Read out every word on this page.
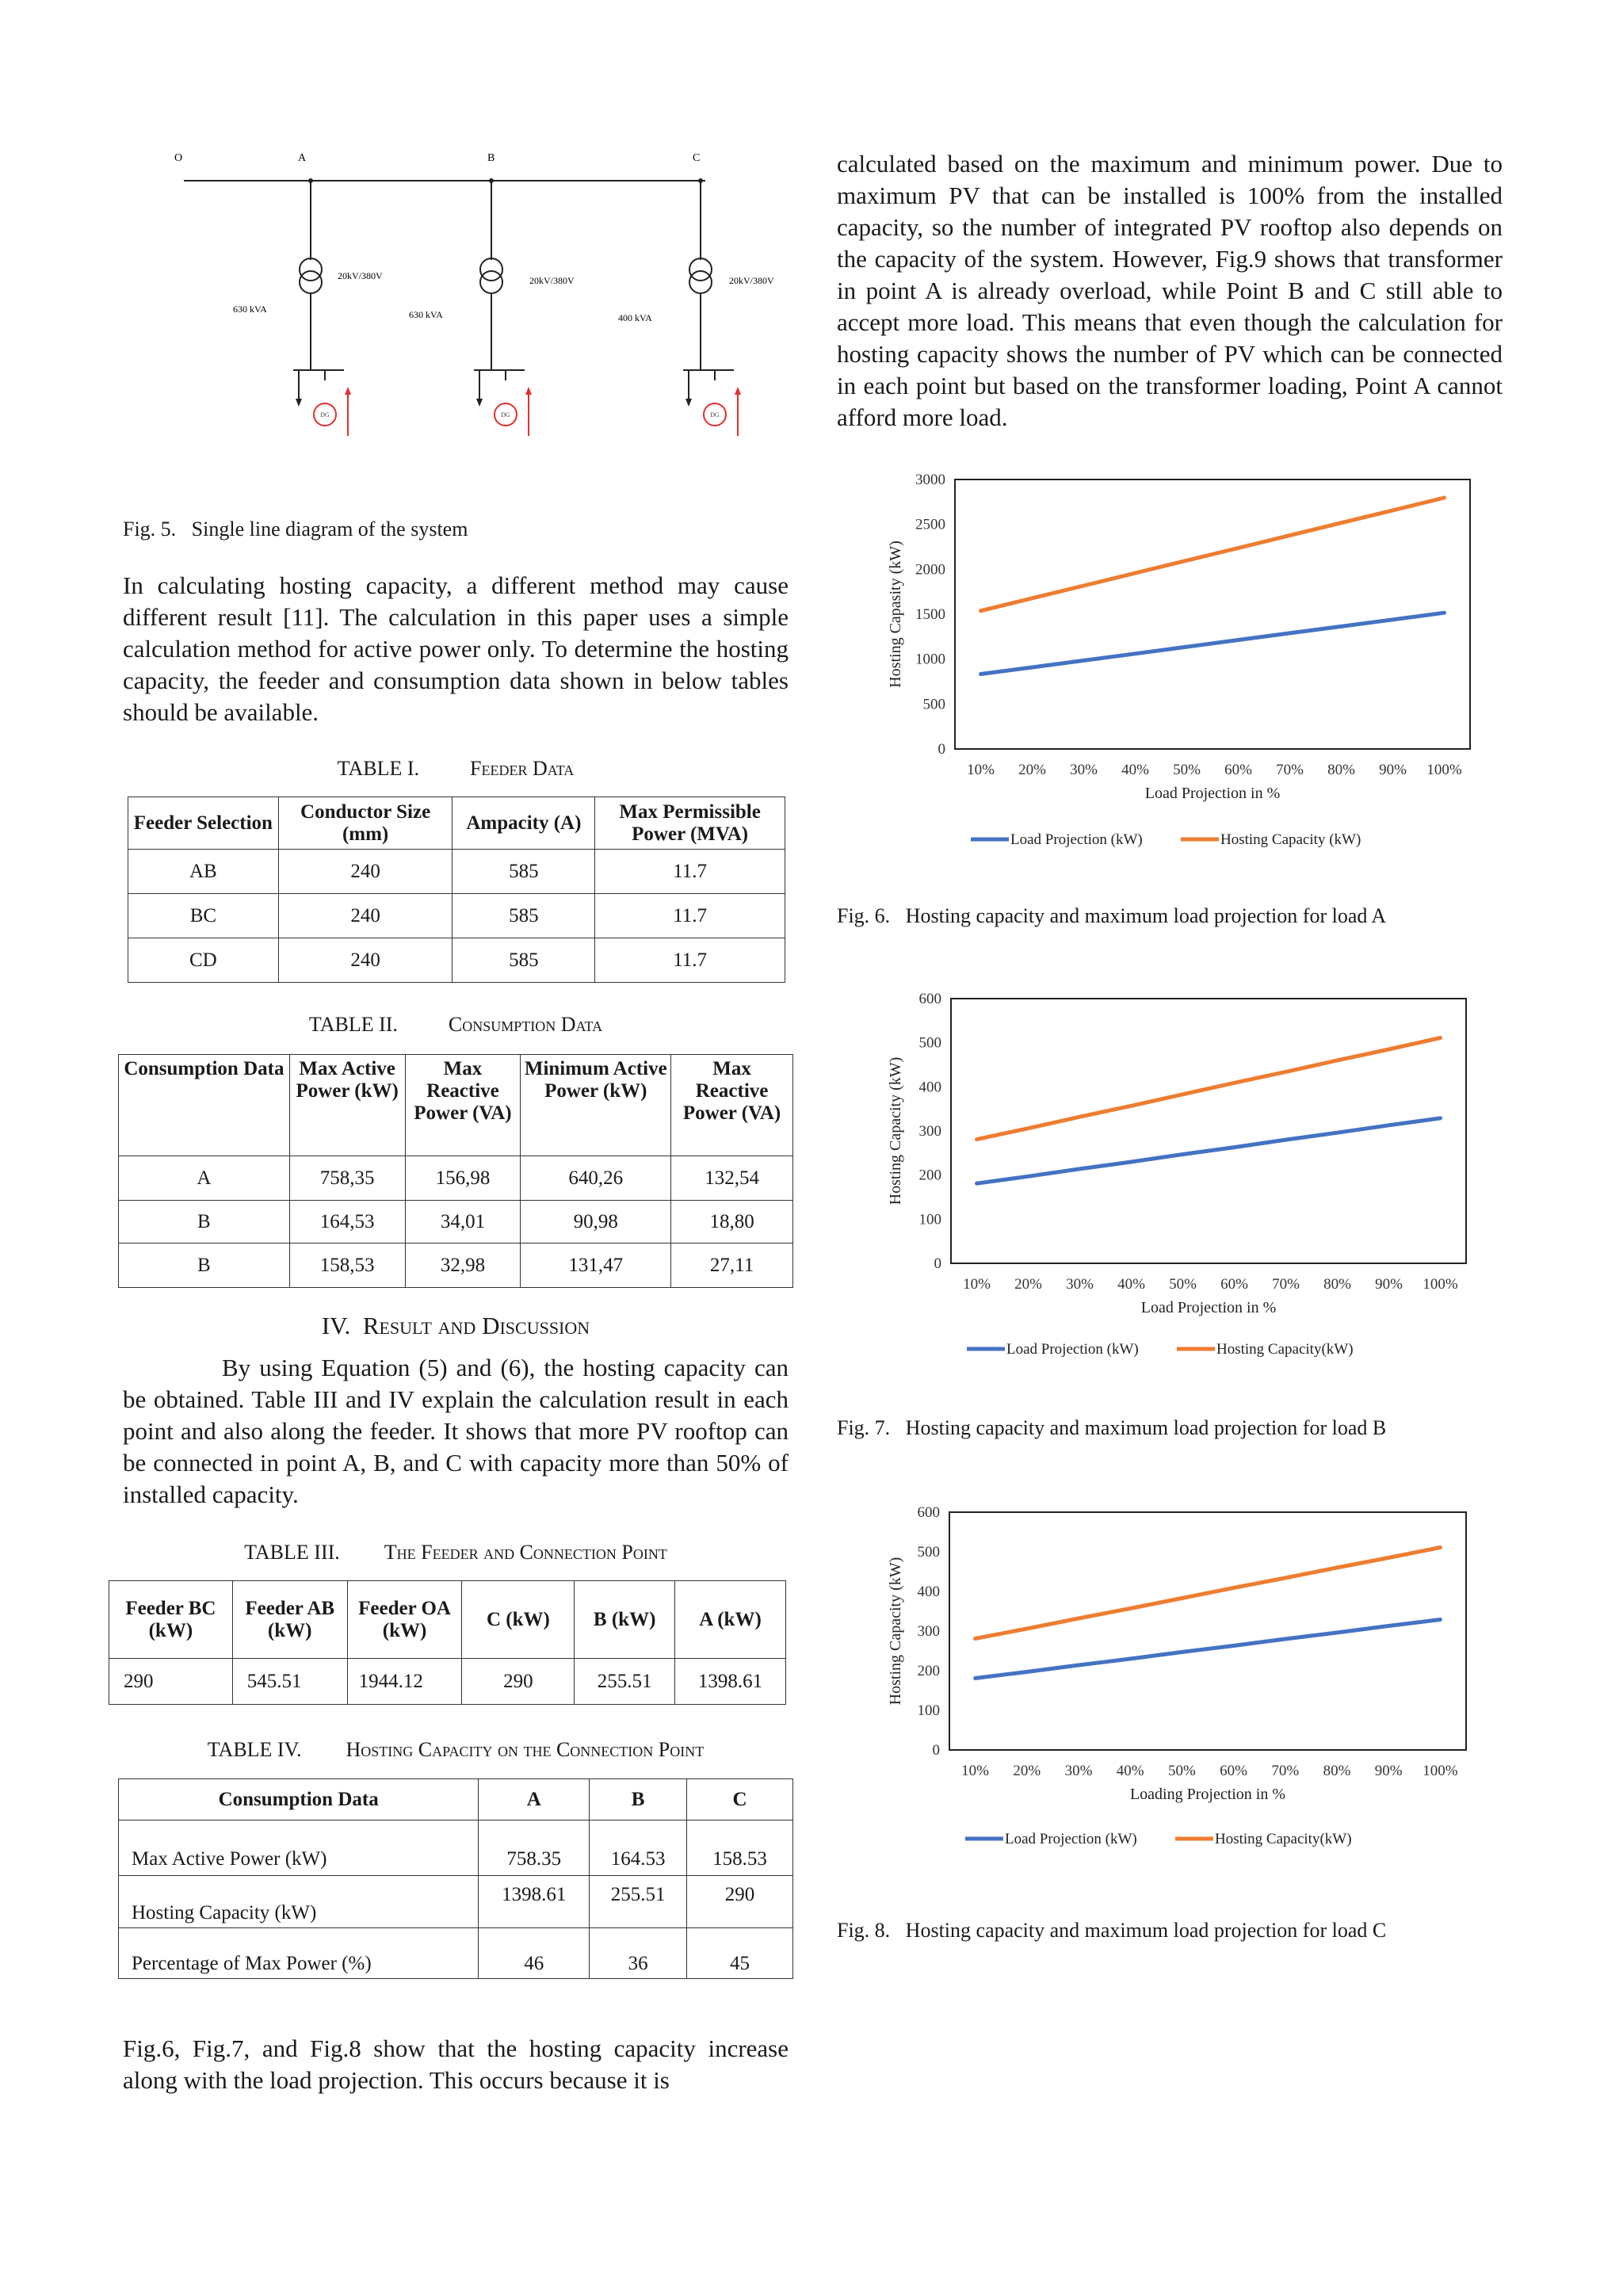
O	A	B	C
DG
20kV/380V
630 kVA
DG
20kV/380V
630 kVA
DG
20kV/380V
400 kVA
Fig. 5.   Single line diagram of the system
In calculating hosting capacity, a different method may cause different result [11]. The calculation in this paper uses a simple calculation method for active power only. To determine the hosting capacity, the feeder and consumption data shown in below tables should be available.
TABLE I. Feeder Data
Feeder Selection	Conductor Size (mm)	Ampacity (A)	Max Permissible Power (MVA)
AB	240	585	11.7
BC	240	585	11.7
CD	240	585	11.7
TABLE II. Consumption Data
Consumption Data	Max Active Power (kW)	Max Reactive Power (VA)	Minimum Active Power (kW)	Max Reactive Power (VA)
A	758,35	156,98	640,26	132,54
B	164,53	34,01	90,98	18,80
B	158,53	32,98	131,47	27,11
IV. Result and Discussion
By using Equation (5) and (6), the hosting capacity can be obtained. Table III and IV explain the calculation result in each point and also along the feeder. It shows that more PV rooftop can be connected in point A, B, and C with capacity more than 50% of installed capacity.
TABLE III. The Feeder and Connection Point
Feeder BC (kW)	Feeder AB (kW)	Feeder OA (kW)	C (kW)	B (kW)	A (kW)
290	545.51	1944.12	290	255.51	1398.61
TABLE IV. Hosting Capacity on the Connection Point
Consumption Data	A	B	C
Max Active Power (kW)	758.35	164.53	158.53
Hosting Capacity (kW)	1398.61	255.51	290
Percentage of Max Power (%)	46	36	45
Fig.6, Fig.7, and Fig.8 show that the hosting capacity increase along with the load projection. This occurs because it is
calculated based on the maximum and minimum power. Due to maximum PV that can be installed is 100% from the installed capacity, so the number of integrated PV rooftop also depends on the capacity of the system. However, Fig.9 shows that transformer in point A is already overload, while Point B and C still able to accept more load. This means that even though the calculation for hosting capacity shows the number of PV which can be connected in each point but based on the transformer loading, Point A cannot afford more load.
0
500
1000
1500
2000
2500
3000
10% 20% 30% 40% 50% 60% 70% 80% 90% 100%
Load Projection in %
Hosting Capasity (kW)
Load Projection (kW)	Hosting Capacity (kW)
Fig. 6.   Hosting capacity and maximum load projection for load A
0
100
200
300
400
500
600
10% 20% 30% 40% 50% 60% 70% 80% 90% 100%
Load Projection in %
Hosting Capacity (kW)
Load Projection (kW)	Hosting Capacity(kW)
Fig. 7.   Hosting capacity and maximum load projection for load B
0
100
200
300
400
500
600
10% 20% 30% 40% 50% 60% 70% 80% 90% 100%
Loading Projection in %
Hosting Capacity (kW)
Load Projection (kW)	Hosting Capacity(kW)
Fig. 8.   Hosting capacity and maximum load projection for load C
